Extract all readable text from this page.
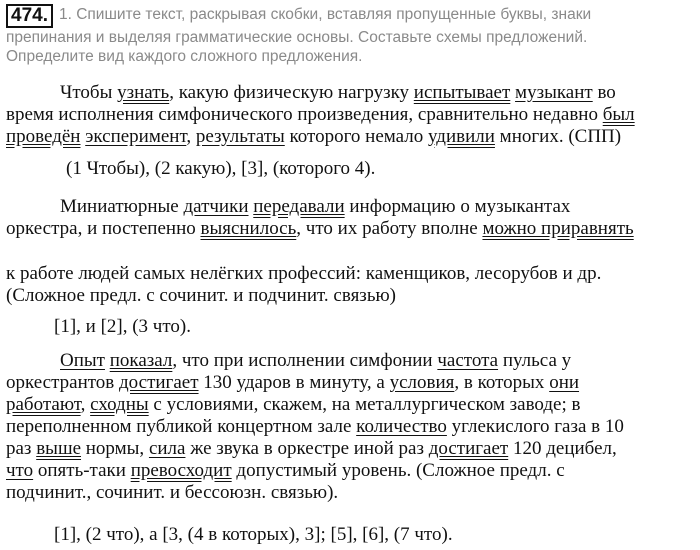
474. 1. Спишите текст, раскрывая скобки, вставляя пропущенные буквы, знаки
препинания и выделяя грамматические основы. Составьте схемы предложений.
Определите вид каждого сложного предложения.
Чтобы узнать, какую физическую нагрузку испытывает музыкант во
время исполнения симфонического произведения, сравнительно недавно был
проведён эксперимент, результаты которого немало удивили многих. (СПП)
(1 Чтобы), (2 какую), [3], (которого 4).
Миниатюрные датчики передавали информацию о музыкантах
оркестра, и постепенно выяснилось, что их работу вполне можно приравнять
к работе людей самых нелёгких профессий: каменщиков, лесорубов и др.
(Сложное предл. с сочинит. и подчинит. связью)
[1], и [2], (3 что).
Опыт показал, что при исполнении симфонии частота пульса у
оркестрантов достигает 130 ударов в минуту, а условия, в которых они
работают, сходны с условиями, скажем, на металлургическом заводе; в
переполненном публикой концертном зале количество углекислого газа в 10
раз выше нормы, сила же звука в оркестре иной раз достигает 120 децибел,
что опять-таки превосходит допустимый уровень. (Сложное предл. с
подчинит., сочинит. и бессоюзн. связью).
[1], (2 что), а [3, (4 в которых), 3]; [5], [6], (7 что).
